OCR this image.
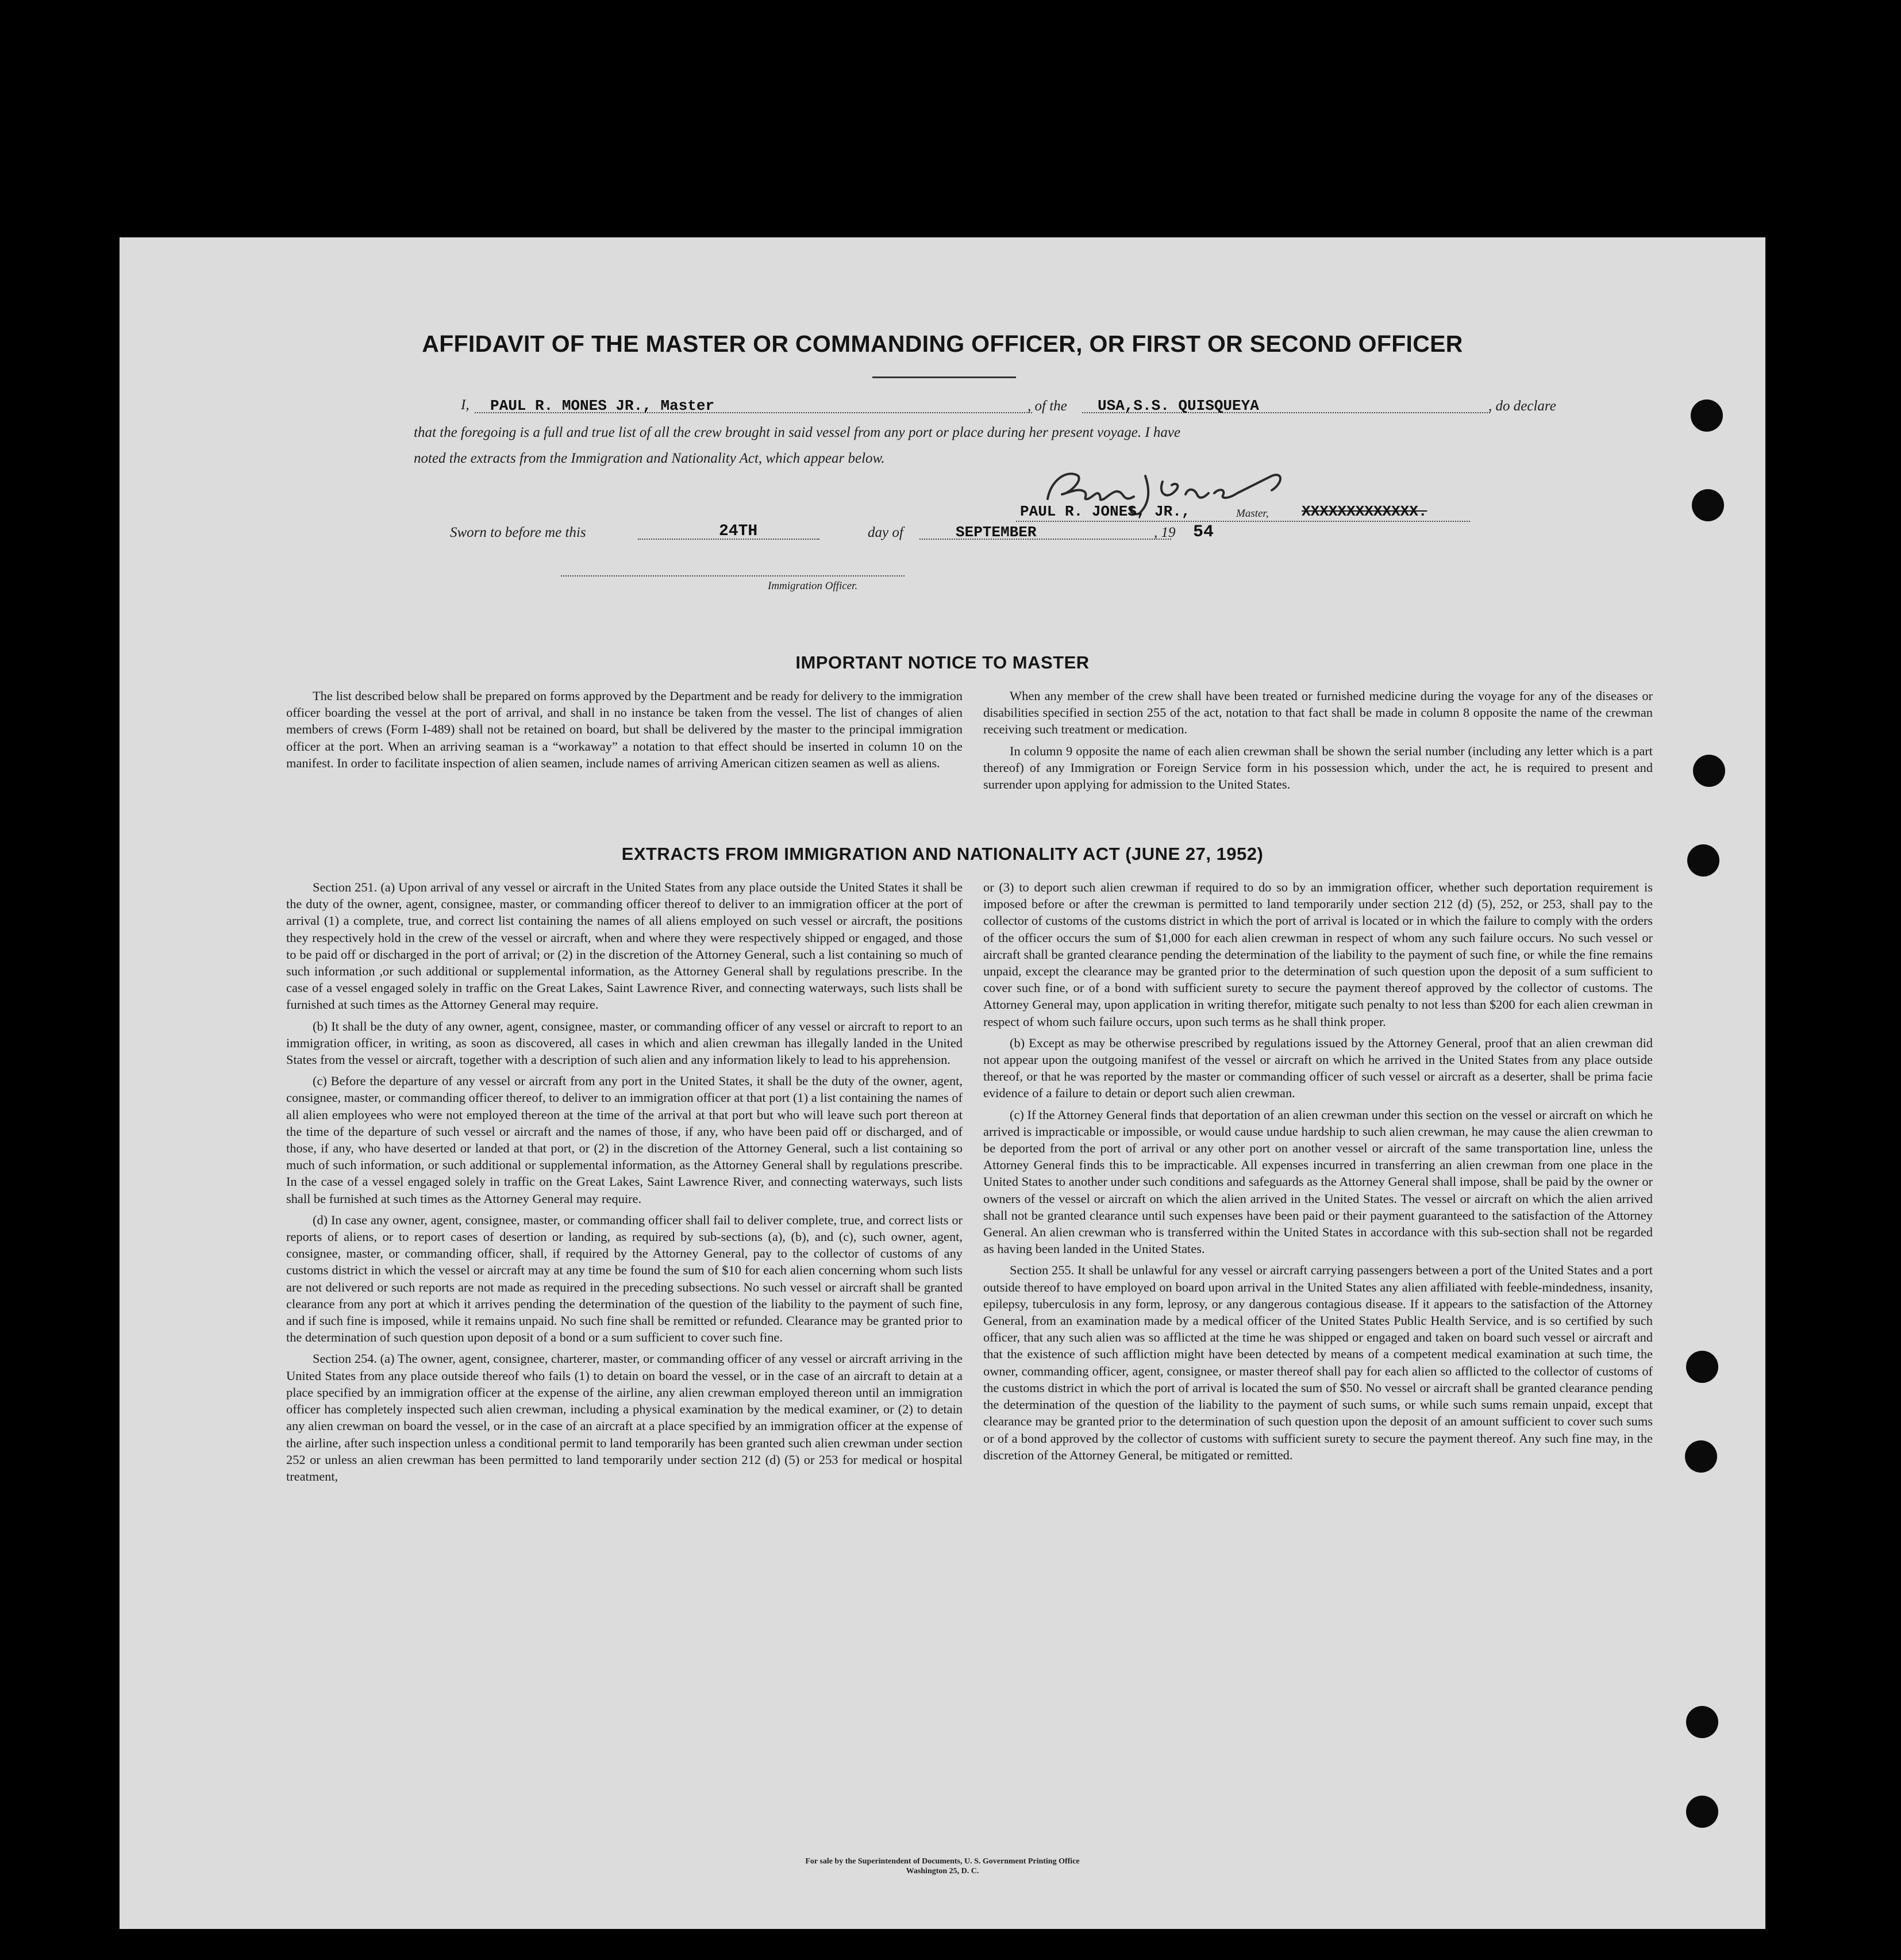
AFFIDAVIT OF THE MASTER OR COMMANDING OFFICER, OR FIRST OR SECOND OFFICER
I, PAUL R. MONES JR., Master	, of the USA,S.S. QUISQUEYA	, do declare
that the foregoing is a full and true list of all the crew brought in said vessel from any port or place during her present voyage. I have
noted the extracts from the Immigration and Nationality Act, which appear below.
PAUL R. JONES, JR.,	Master, XXXXXXXXXXXXX.
Sworn to before me this	24TH	day of	SEPTEMBER	, 19 54
Immigration Officer.
IMPORTANT NOTICE TO MASTER

The list described below shall be prepared on forms approved by the Department and be ready for delivery to the immigration officer boarding the vessel at the port of arrival, and shall in no instance be taken from the vessel. The list of changes of alien members of crews (Form I-489) shall not be retained on board, but shall be delivered by the master to the principal immigration officer at the port. When an arriving seaman is a “workaway” a notation to that effect should be inserted in column 10 on the manifest. In order to facilitate inspection of alien seamen, include names of arriving American citizen seamen as well as aliens.

When any member of the crew shall have been treated or furnished medicine during the voyage for any of the diseases or disabilities specified in section 255 of the act, notation to that fact shall be made in column 8 opposite the name of the crewman receiving such treatment or medication.

In column 9 opposite the name of each alien crewman shall be shown the serial number (including any letter which is a part thereof) of any Immigration or Foreign Service form in his possession which, under the act, he is required to present and surrender upon applying for admission to the United States.

EXTRACTS FROM IMMIGRATION AND NATIONALITY ACT (JUNE 27, 1952)

Section 251. (a) Upon arrival of any vessel or aircraft in the United States from any place outside the United States it shall be the duty of the owner, agent, consignee, master, or commanding officer thereof to deliver to an immigration officer at the port of arrival (1) a complete, true, and correct list containing the names of all aliens employed on such vessel or aircraft, the positions they respectively hold in the crew of the vessel or aircraft, when and where they were respectively shipped or engaged, and those to be paid off or discharged in the port of arrival; or (2) in the discretion of the Attorney General, such a list containing so much of such information ,or such additional or supplemental information, as the Attorney General shall by regulations prescribe. In the case of a vessel engaged solely in traffic on the Great Lakes, Saint Lawrence River, and connecting waterways, such lists shall be furnished at such times as the Attorney General may require.

(b) It shall be the duty of any owner, agent, consignee, master, or commanding officer of any vessel or aircraft to report to an immigration officer, in writing, as soon as discovered, all cases in which and alien crewman has illegally landed in the United States from the vessel or aircraft, together with a description of such alien and any information likely to lead to his apprehension.

(c) Before the departure of any vessel or aircraft from any port in the United States, it shall be the duty of the owner, agent, consignee, master, or commanding officer thereof, to deliver to an immigration officer at that port (1) a list containing the names of all alien employees who were not employed thereon at the time of the arrival at that port but who will leave such port thereon at the time of the departure of such vessel or aircraft and the names of those, if any, who have been paid off or discharged, and of those, if any, who have deserted or landed at that port, or (2) in the discretion of the Attorney General, such a list containing so much of such information, or such additional or supplemental information, as the Attorney General shall by regulations prescribe. In the case of a vessel engaged solely in traffic on the Great Lakes, Saint Lawrence River, and connecting waterways, such lists shall be furnished at such times as the Attorney General may require.

(d) In case any owner, agent, consignee, master, or commanding officer shall fail to deliver complete, true, and correct lists or reports of aliens, or to report cases of desertion or landing, as required by sub-sections (a), (b), and (c), such owner, agent, consignee, master, or commanding officer, shall, if required by the Attorney General, pay to the collector of customs of any customs district in which the vessel or aircraft may at any time be found the sum of $10 for each alien concerning whom such lists are not delivered or such reports are not made as required in the preceding subsections. No such vessel or aircraft shall be granted clearance from any port at which it arrives pending the determination of the question of the liability to the payment of such fine, and if such fine is imposed, while it remains unpaid. No such fine shall be remitted or refunded. Clearance may be granted prior to the determination of such question upon deposit of a bond or a sum sufficient to cover such fine.

Section 254. (a) The owner, agent, consignee, charterer, master, or commanding officer of any vessel or aircraft arriving in the United States from any place outside thereof who fails (1) to detain on board the vessel, or in the case of an aircraft to detain at a place specified by an immigration officer at the expense of the airline, any alien crewman employed thereon until an immigration officer has completely inspected such alien crewman, including a physical examination by the medical examiner, or (2) to detain any alien crewman on board the vessel, or in the case of an aircraft at a place specified by an immigration officer at the expense of the airline, after such inspection unless a conditional permit to land temporarily has been granted such alien crewman under section 252 or unless an alien crewman has been permitted to land temporarily under section 212 (d) (5) or 253 for medical or hospital treatment,

or (3) to deport such alien crewman if required to do so by an immigration officer, whether such deportation requirement is imposed before or after the crewman is permitted to land temporarily under section 212 (d) (5), 252, or 253, shall pay to the collector of customs of the customs district in which the port of arrival is located or in which the failure to comply with the orders of the officer occurs the sum of $1,000 for each alien crewman in respect of whom any such failure occurs. No such vessel or aircraft shall be granted clearance pending the determination of the liability to the payment of such fine, or while the fine remains unpaid, except the clearance may be granted prior to the determination of such question upon the deposit of a sum sufficient to cover such fine, or of a bond with sufficient surety to secure the payment thereof approved by the collector of customs. The Attorney General may, upon application in writing therefor, mitigate such penalty to not less than $200 for each alien crewman in respect of whom such failure occurs, upon such terms as he shall think proper.

(b) Except as may be otherwise prescribed by regulations issued by the Attorney General, proof that an alien crewman did not appear upon the outgoing manifest of the vessel or aircraft on which he arrived in the United States from any place outside thereof, or that he was reported by the master or commanding officer of such vessel or aircraft as a deserter, shall be prima facie evidence of a failure to detain or deport such alien crewman.

(c) If the Attorney General finds that deportation of an alien crewman under this section on the vessel or aircraft on which he arrived is impracticable or impossible, or would cause undue hardship to such alien crewman, he may cause the alien crewman to be deported from the port of arrival or any other port on another vessel or aircraft of the same transportation line, unless the Attorney General finds this to be impracticable. All expenses incurred in transferring an alien crewman from one place in the United States to another under such conditions and safeguards as the Attorney General shall impose, shall be paid by the owner or owners of the vessel or aircraft on which the alien arrived in the United States. The vessel or aircraft on which the alien arrived shall not be granted clearance until such expenses have been paid or their payment guaranteed to the satisfaction of the Attorney General. An alien crewman who is transferred within the United States in accordance with this sub-section shall not be regarded as having been landed in the United States.

Section 255. It shall be unlawful for any vessel or aircraft carrying passengers between a port of the United States and a port outside thereof to have employed on board upon arrival in the United States any alien affiliated with feeble-mindedness, insanity, epilepsy, tuberculosis in any form, leprosy, or any dangerous contagious disease. If it appears to the satisfaction of the Attorney General, from an examination made by a medical officer of the United States Public Health Service, and is so certified by such officer, that any such alien was so afflicted at the time he was shipped or engaged and taken on board such vessel or aircraft and that the existence of such affliction might have been detected by means of a competent medical examination at such time, the owner, commanding officer, agent, consignee, or master thereof shall pay for each alien so afflicted to the collector of customs of the customs district in which the port of arrival is located the sum of $50. No vessel or aircraft shall be granted clearance pending the determination of the question of the liability to the payment of such sums, or while such sums remain unpaid, except that clearance may be granted prior to the determination of such question upon the deposit of an amount sufficient to cover such sums or of a bond approved by the collector of customs with sufficient surety to secure the payment thereof. Any such fine may, in the discretion of the Attorney General, be mitigated or remitted.

For sale by the Superintendent of Documents, U. S. Government Printing Office
Washington 25, D. C.
